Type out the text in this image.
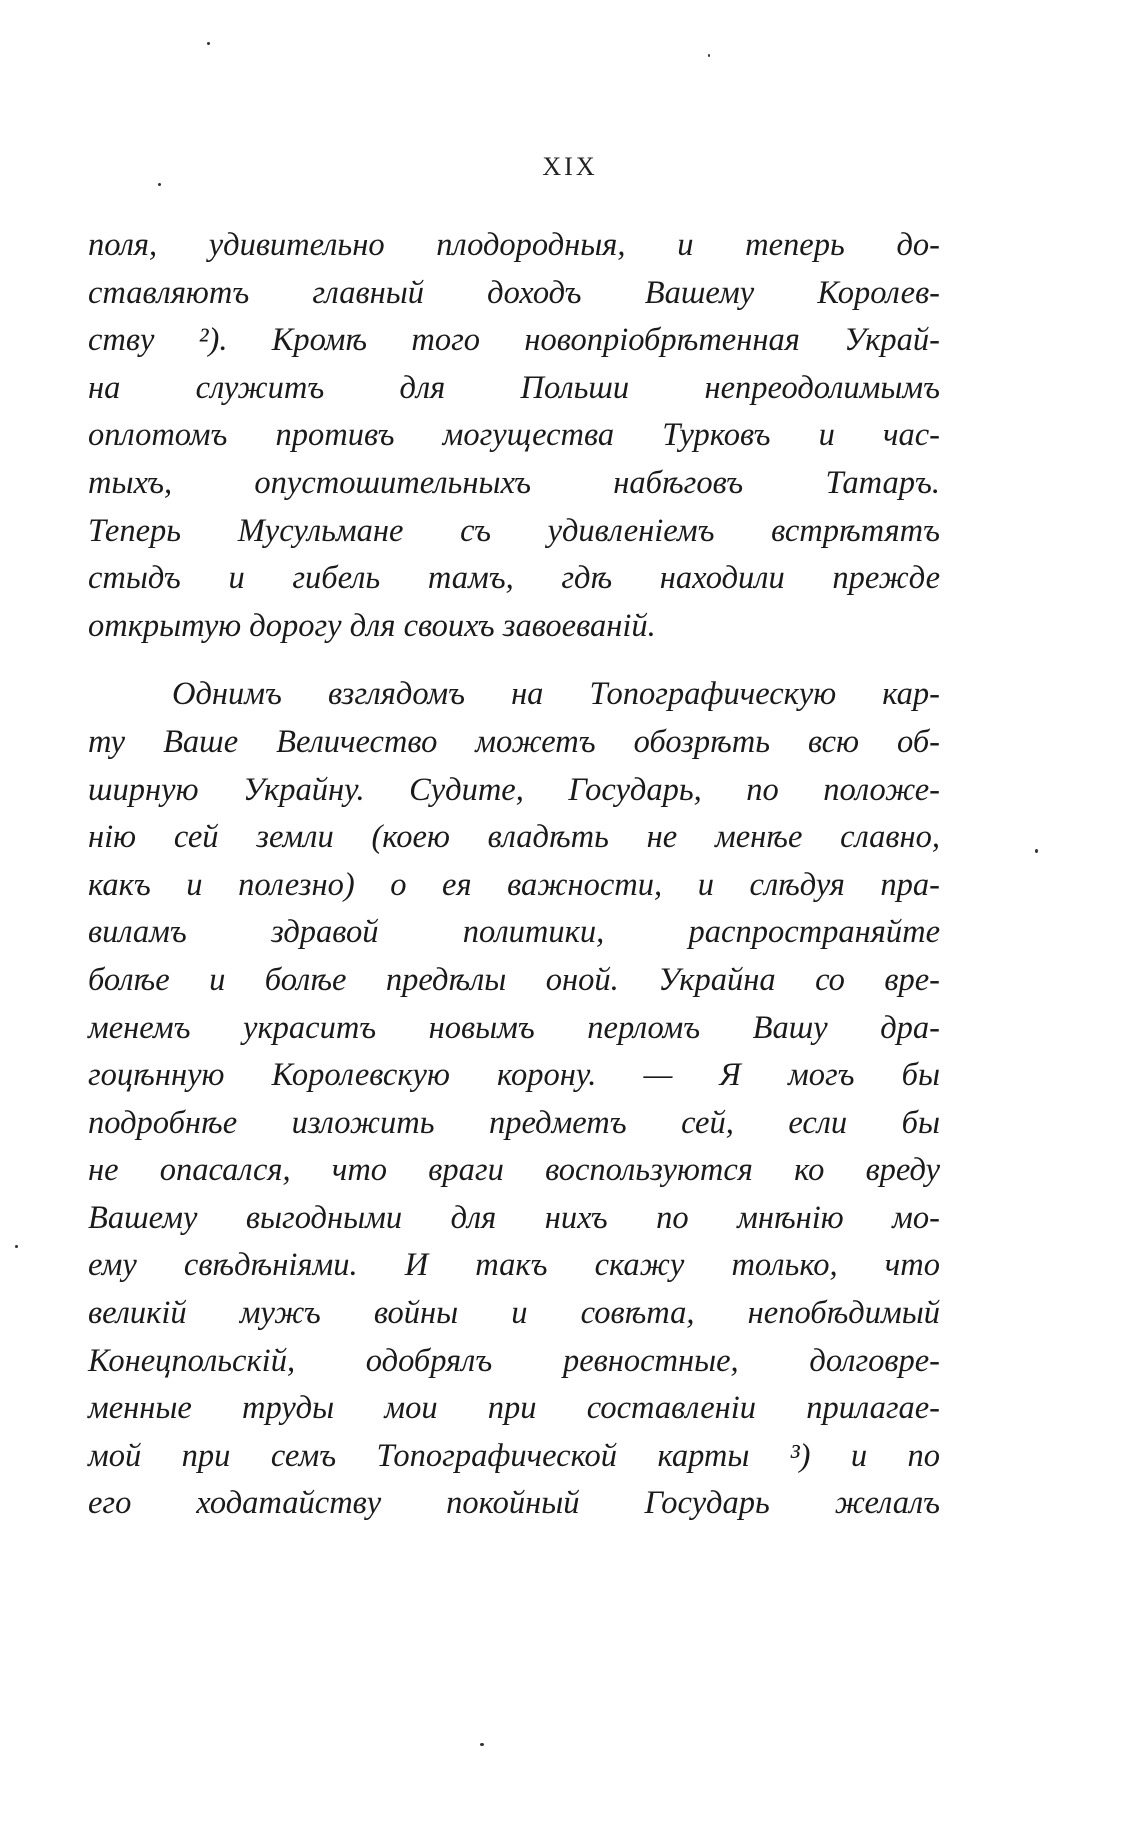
XIX
поля, удивительно плодородныя, и теперь до-
ставляютъ главный доходъ Вашему Королев-
ству ²). Кромѣ того новопріобрѣтенная Украй-
на служитъ для Польши непреодолимымъ
оплотомъ противъ могущества Турковъ и час-
тыхъ, опустошительныхъ набѣговъ Татаръ.
Теперь Мусульмане съ удивленіемъ встрѣтятъ
стыдъ и гибель тамъ, гдѣ находили прежде
открытую дорогу для своихъ завоеваній.
Однимъ взглядомъ на Топографическую кар-
ту Ваше Величество можетъ обозрѣть всю об-
ширную Украйну. Судите, Государь, по положе-
нію сей земли (коею владѣть не менѣе славно,
какъ и полезно) о ея важности, и слѣдуя пра-
виламъ здравой политики, распространяйте
болѣе и болѣе предѣлы оной. Украйна со вре-
менемъ украситъ новымъ перломъ Вашу дра-
гоцѣнную Королевскую корону. — Я могъ бы
подробнѣе изложить предметъ сей, если бы
не опасался, что враги воспользуются ко вреду
Вашему выгодными для нихъ по мнѣнію мо-
ему свѣдѣніями. И такъ скажу только, что
великій мужъ войны и совѣта, непобѣдимый
Конецпольскій, одобрялъ ревностные, долговре-
менные труды мои при составленіи прилагае-
мой при семъ Топографической карты ³) и по
его ходатайству покойный Государь желалъ
